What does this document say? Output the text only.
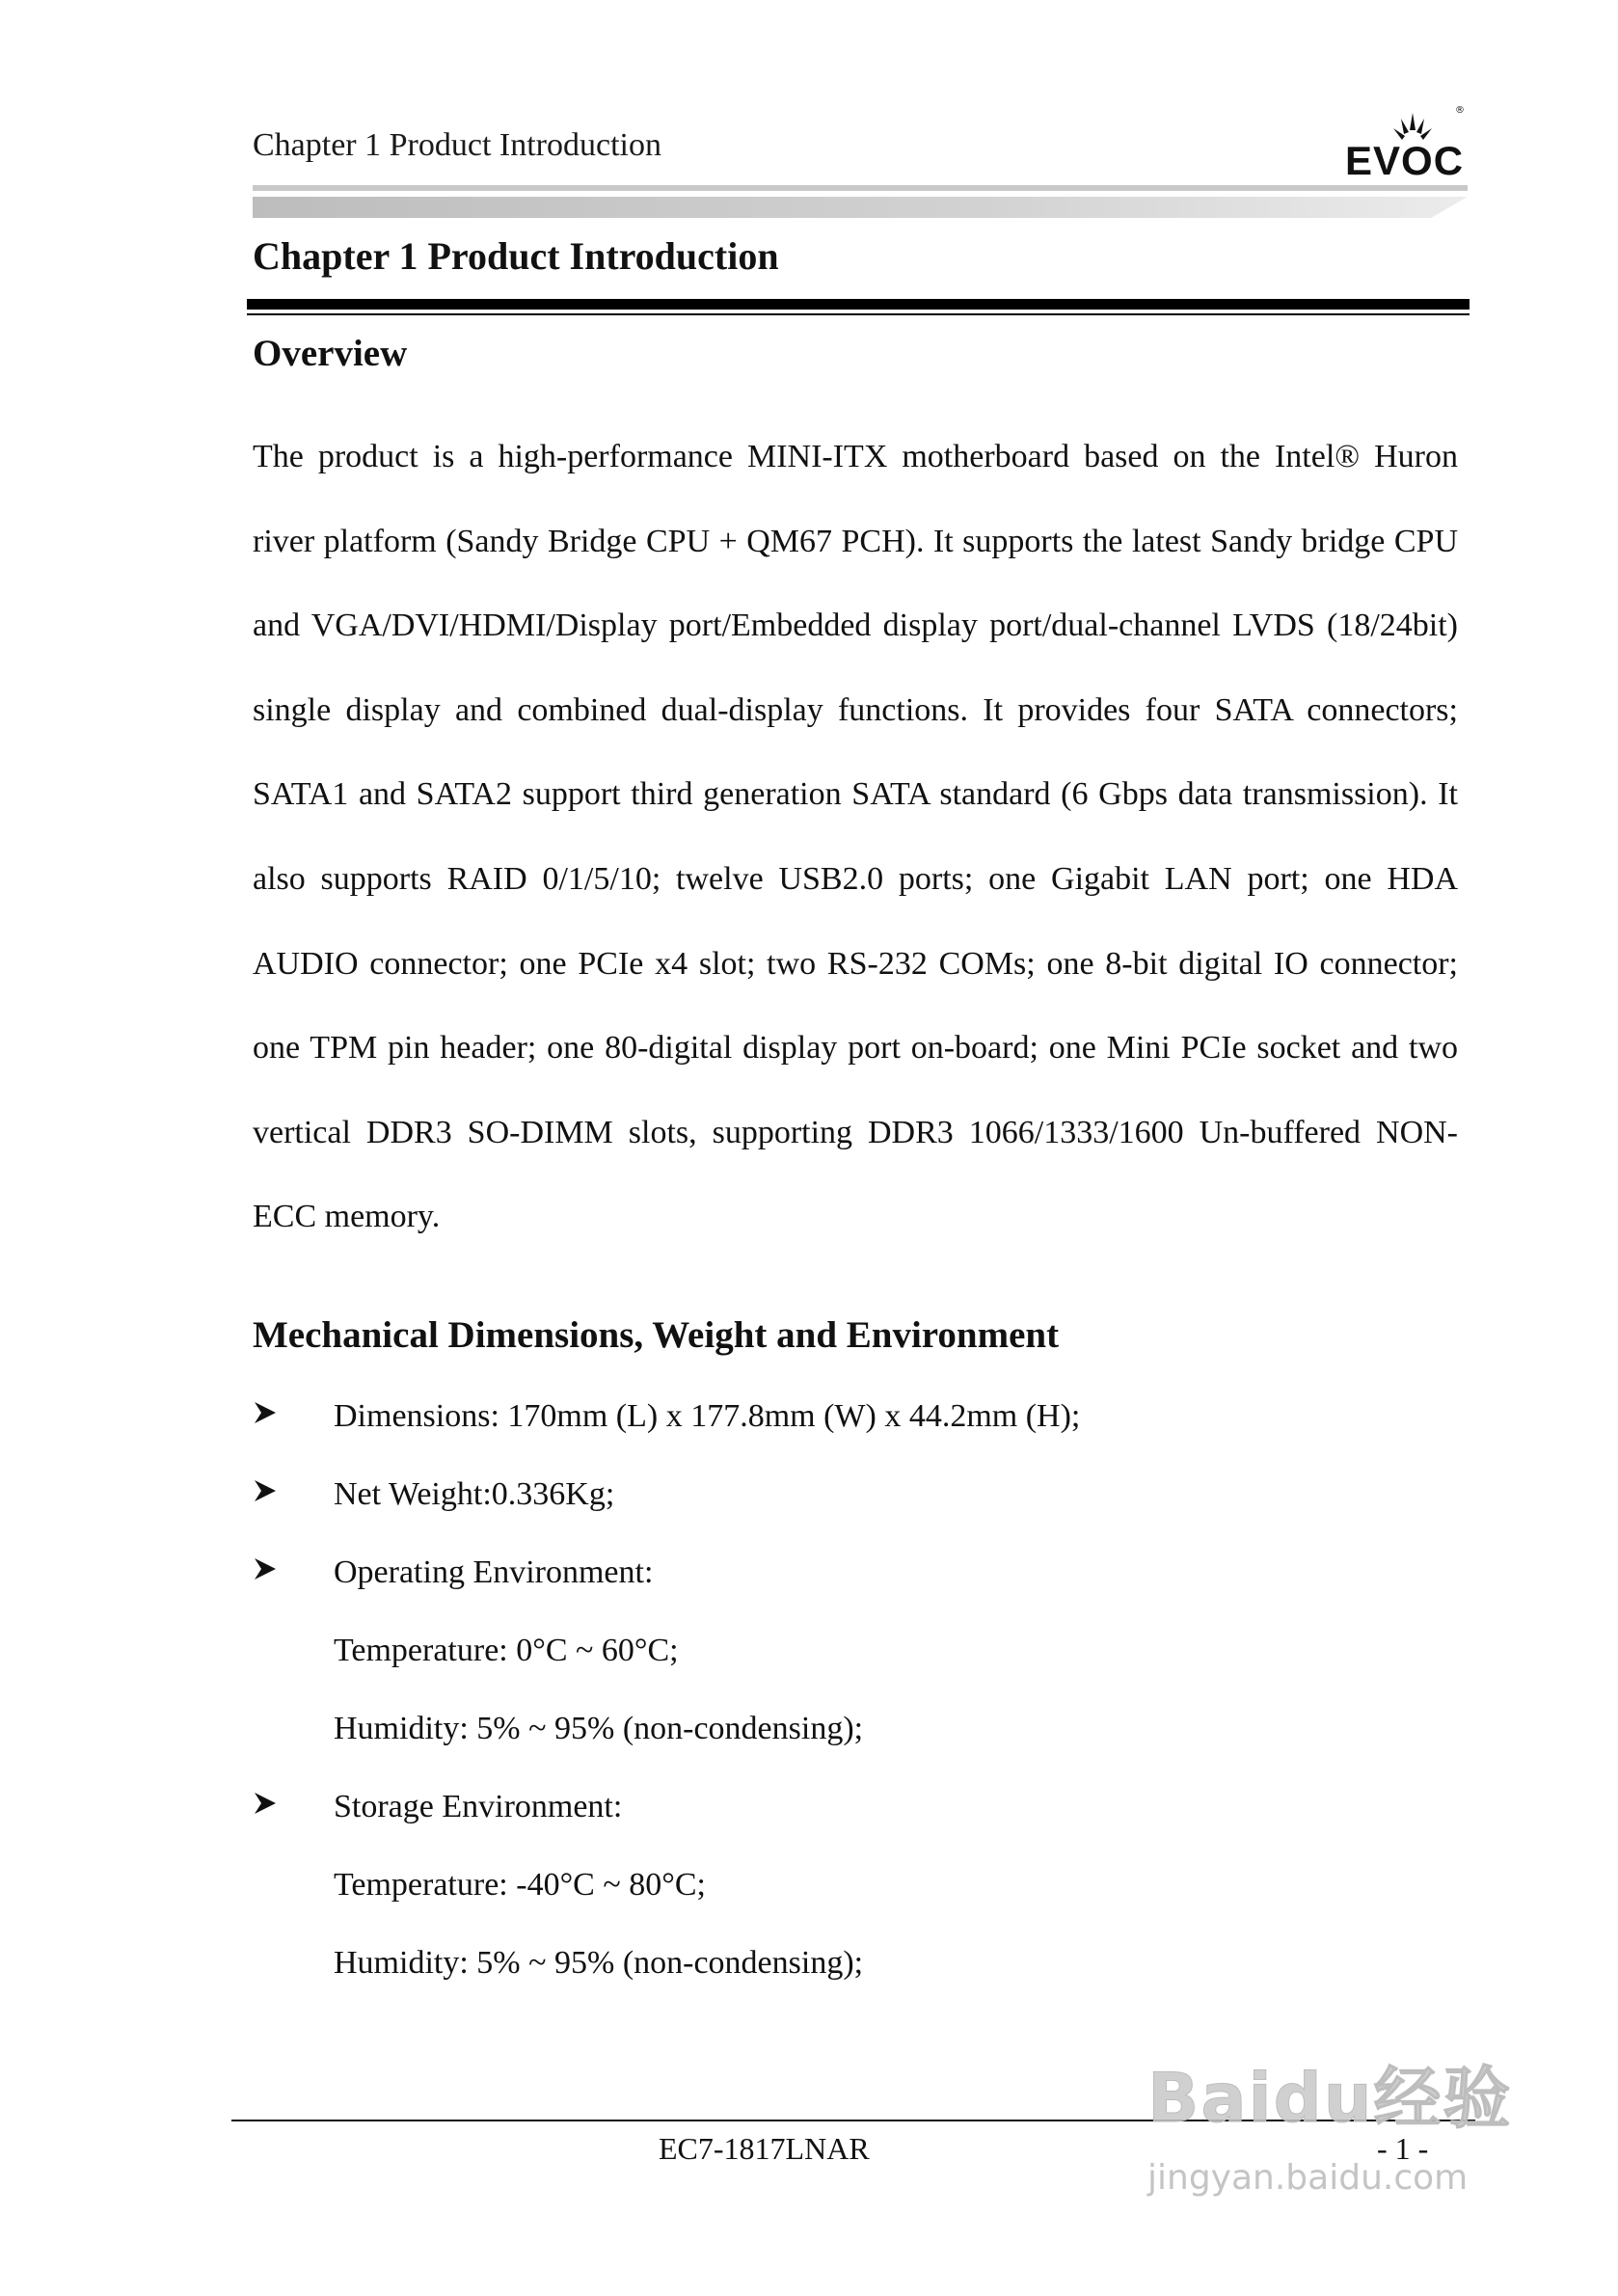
Chapter 1 Product Introduction
®
EVOC
Chapter 1 Product Introduction
Overview
The product is a high-performance MINI-ITX motherboard based on the Intel® Huron river platform (Sandy Bridge CPU + QM67 PCH). It supports the latest Sandy bridge CPU and VGA/DVI/HDMI/Display port/Embedded display port/dual-channel LVDS (18/24bit) single display and combined dual-display functions. It provides four SATA connectors; SATA1 and SATA2 support third generation SATA standard (6 Gbps data transmission). It also supports RAID 0/1/5/10; twelve USB2.0 ports; one Gigabit LAN port; one HDA AUDIO connector; one PCIe x4 slot; two RS-232 COMs; one 8-bit digital IO connector; one TPM pin header; one 80-digital display port on-board; one Mini PCIe socket and two vertical DDR3 SO-DIMM slots, supporting DDR3 1066/1333/1600 Un-buffered NON-ECC memory.
Mechanical Dimensions, Weight and Environment
Dimensions: 170mm (L) x 177.8mm (W) x 44.2mm (H);
Net Weight:0.336Kg;
Operating Environment:
Temperature: 0°C ~ 60°C;
Humidity: 5% ~ 95% (non-condensing);
Storage Environment:
Temperature: -40°C ~ 80°C;
Humidity: 5% ~ 95% (non-condensing);
EC7-1817LNAR	- 1 -
Baidu经验
jingyan.baidu.com
